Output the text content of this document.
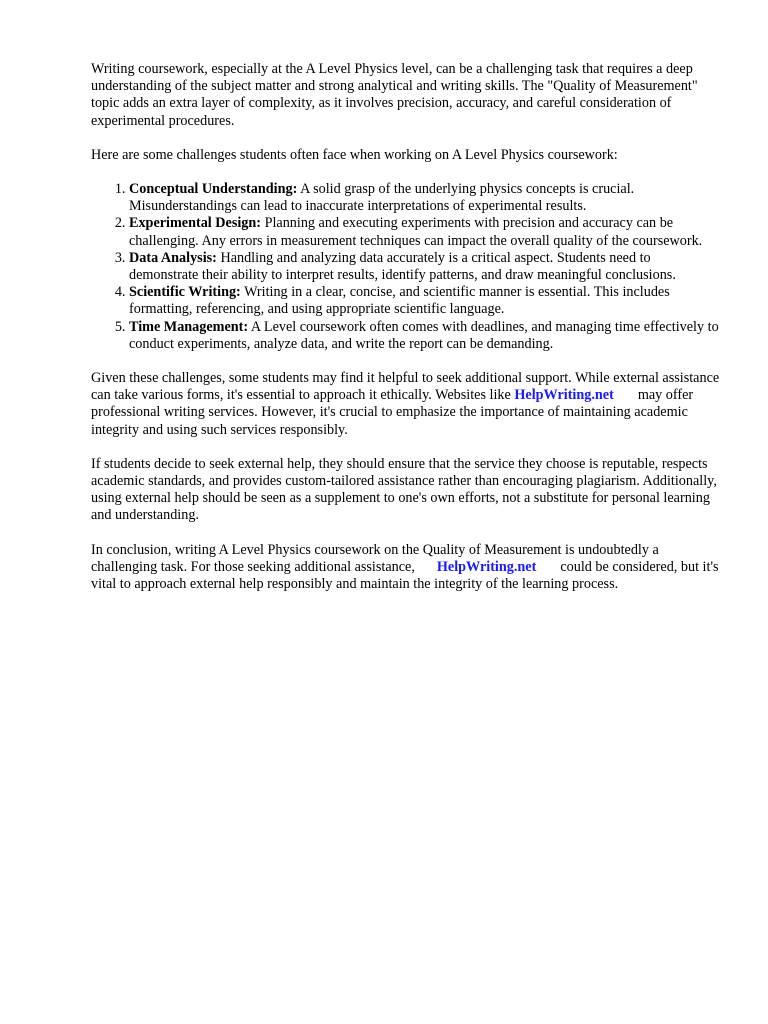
Writing coursework, especially at the A Level Physics level, can be a challenging task that requires a deep understanding of the subject matter and strong analytical and writing skills. The "Quality of Measurement" topic adds an extra layer of complexity, as it involves precision, accuracy, and careful consideration of experimental procedures.

Here are some challenges students often face when working on A Level Physics coursework:

1. Conceptual Understanding: A solid grasp of the underlying physics concepts is crucial. Misunderstandings can lead to inaccurate interpretations of experimental results.
2. Experimental Design: Planning and executing experiments with precision and accuracy can be challenging. Any errors in measurement techniques can impact the overall quality of the coursework.
3. Data Analysis: Handling and analyzing data accurately is a critical aspect. Students need to demonstrate their ability to interpret results, identify patterns, and draw meaningful conclusions.
4. Scientific Writing: Writing in a clear, concise, and scientific manner is essential. This includes formatting, referencing, and using appropriate scientific language.
5. Time Management: A Level coursework often comes with deadlines, and managing time effectively to conduct experiments, analyze data, and write the report can be demanding.

Given these challenges, some students may find it helpful to seek additional support. While external assistance can take various forms, it's essential to approach it ethically. Websites like HelpWriting.net may offer professional writing services. However, it's crucial to emphasize the importance of maintaining academic integrity and using such services responsibly.

If students decide to seek external help, they should ensure that the service they choose is reputable, respects academic standards, and provides custom-tailored assistance rather than encouraging plagiarism. Additionally, using external help should be seen as a supplement to one's own efforts, not a substitute for personal learning and understanding.

In conclusion, writing A Level Physics coursework on the Quality of Measurement is undoubtedly a challenging task. For those seeking additional assistance, HelpWriting.net could be considered, but it's vital to approach external help responsibly and maintain the integrity of the learning process.
